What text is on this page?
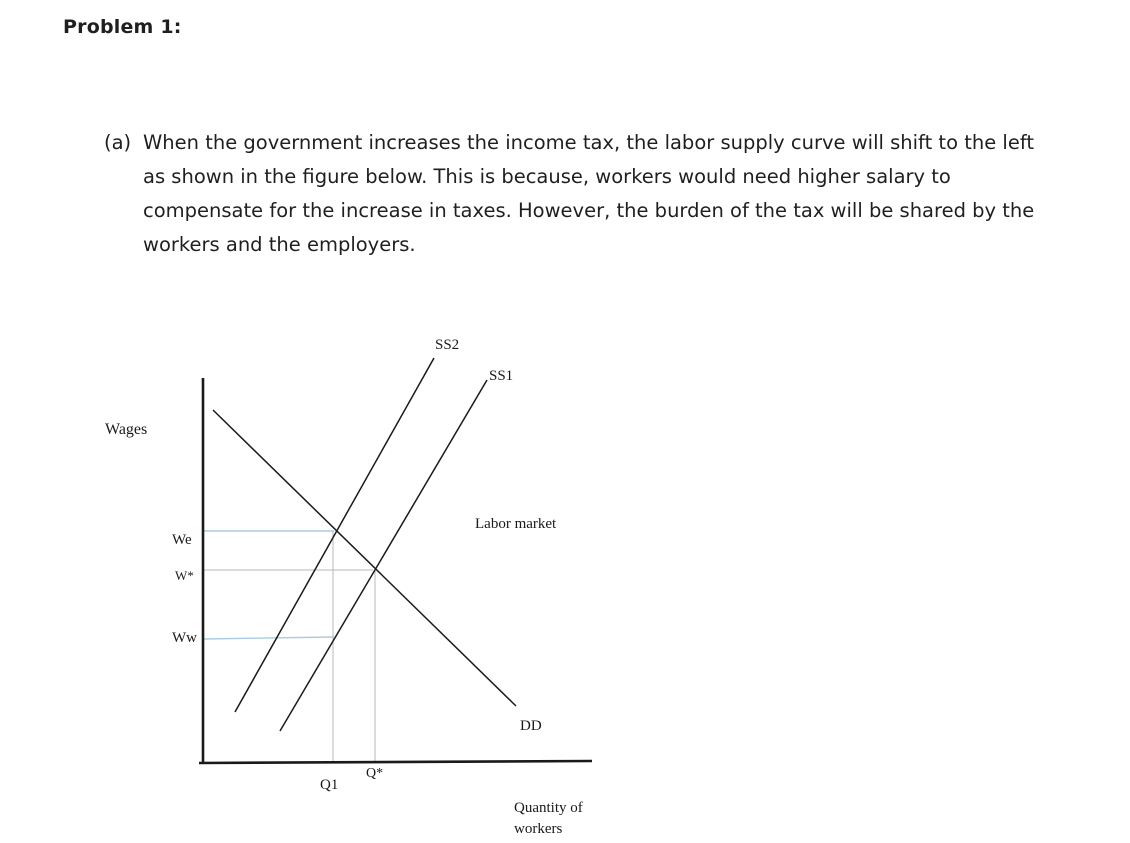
Problem 1:
(a) When the government increases the income tax, the labor supply curve will shift to the left
as shown in the figure below. This is because, workers would need higher salary to
compensate for the increase in taxes. However, the burden of the tax will be shared by the
workers and the employers.
Wages
SS2
SS1
Labor market
DD
We
W*
Ww
Q1
Q*
Quantity of
workers
